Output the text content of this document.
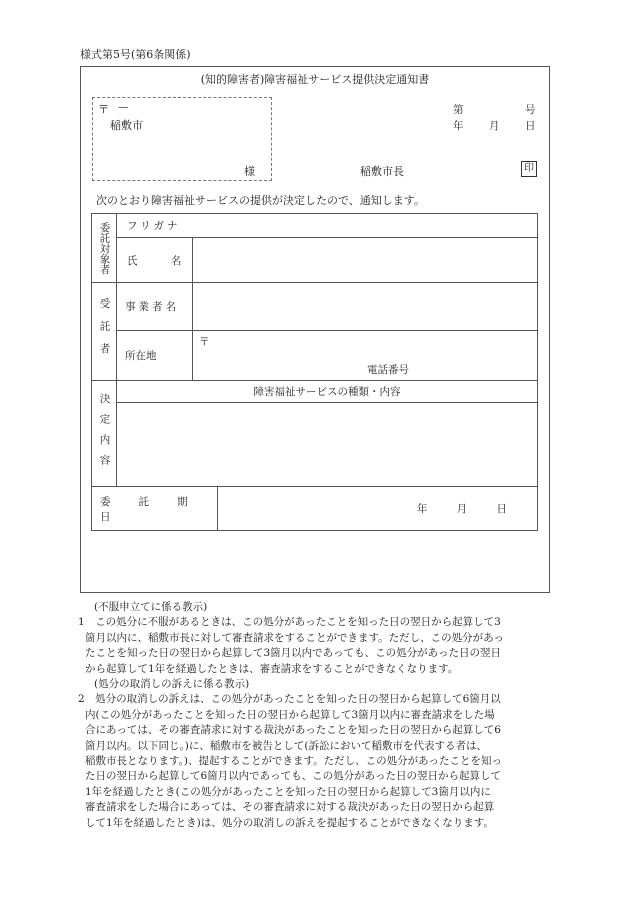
様式第5号(第6条関係)
(知的障害者)障害福祉サービス提供決定通知書
〒 —
稲敷市
様
第	号
年 月 日
稲敷市長	印
次のとおり障害福祉サービスの提供が決定したので、通知します。
委託対象者	フリガナ		
	氏 名		

受託者	事業者名		
	所在地	〒
電話番号	

決定内容	障害福祉サービスの種類・内容		

委託期日			年 月 日
(不服申立てに係る教示)
1　この処分に不服があるときは、この処分があったことを知った日の翌日から起算して3
箇月以内に、稲敷市長に対して審査請求をすることができます。ただし、この処分があっ
たことを知った日の翌日から起算して3箇月以内であっても、この処分があった日の翌日
から起算して1年を経過したときは、審査請求をすることができなくなります。
(処分の取消しの訴えに係る教示)
2　処分の取消しの訴えは、この処分があったことを知った日の翌日から起算して6箇月以
内(この処分があったことを知った日の翌日から起算して3箇月以内に審査請求をした場
合にあっては、その審査請求に対する裁決があったことを知った日の翌日から起算して6
箇月以内。以下同じ。)に、稲敷市を被告として(訴訟において稲敷市を代表する者は、
稲敷市長となります。)、提起することができます。ただし、この処分があったことを知っ
た日の翌日から起算して6箇月以内であっても、この処分があった日の翌日から起算して
1年を経過したとき(この処分があったことを知った日の翌日から起算して3箇月以内に
審査請求をした場合にあっては、その審査請求に対する裁決があった日の翌日から起算
して1年を経過したとき)は、処分の取消しの訴えを提起することができなくなります。
